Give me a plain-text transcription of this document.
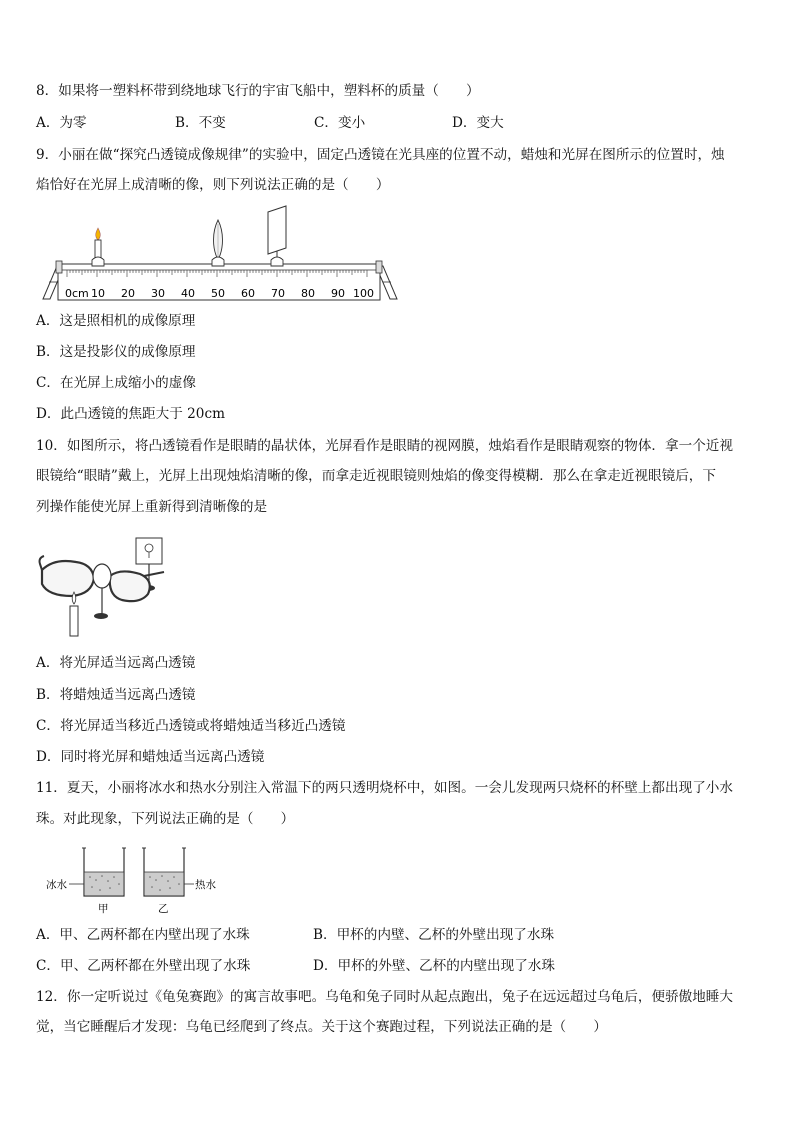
8．如果将一塑料杯带到绕地球飞行的宇宙飞船中，塑料杯的质量（　　）
A．为零	B．不变	C．变小	D．变大
9．小丽在做“探究凸透镜成像规律”的实验中，固定凸透镜在光具座的位置不动，蜡烛和光屏在图所示的位置时，烛
焰恰好在光屏上成清晰的像，则下列说法正确的是（　　）
0cm 10 20 30 40 50 60 70 80 90 100
A．这是照相机的成像原理
B．这是投影仪的成像原理
C．在光屏上成缩小的虚像
D．此凸透镜的焦距大于 20cm
10．如图所示，将凸透镜看作是眼睛的晶状体，光屏看作是眼睛的视网膜，烛焰看作是眼睛观察的物体．拿一个近视
眼镜给“眼睛”戴上，光屏上出现烛焰清晰的像，而拿走近视眼镜则烛焰的像变得模糊．那么在拿走近视眼镜后，下
列操作能使光屏上重新得到清晰像的是
A．将光屏适当远离凸透镜
B．将蜡烛适当远离凸透镜
C．将光屏适当移近凸透镜或将蜡烛适当移近凸透镜
D．同时将光屏和蜡烛适当远离凸透镜
11．夏天，小丽将冰水和热水分别注入常温下的两只透明烧杯中，如图。一会儿发现两只烧杯的杯壁上都出现了小水
珠。对此现象，下列说法正确的是（　　）
冰水	热水
甲	乙
A．甲、乙两杯都在内壁出现了水珠	B．甲杯的内壁、乙杯的外壁出现了水珠
C．甲、乙两杯都在外壁出现了水珠	D．甲杯的外壁、乙杯的内壁出现了水珠
12．你一定听说过《龟兔赛跑》的寓言故事吧。乌龟和兔子同时从起点跑出，兔子在远远超过乌龟后，便骄傲地睡大
觉，当它睡醒后才发现：乌龟已经爬到了终点。关于这个赛跑过程，下列说法正确的是（　　）
